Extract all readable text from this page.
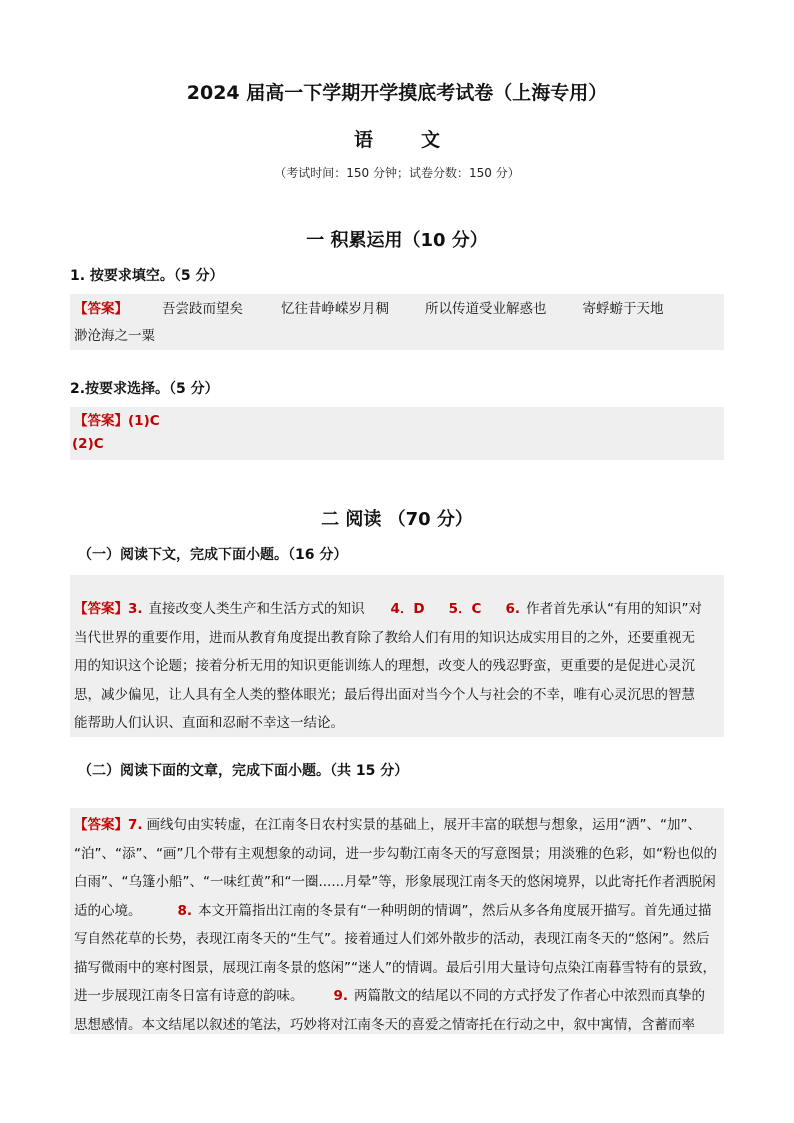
2024 届高一下学期开学摸底考试卷（上海专用）
语	文
（考试时间：150 分钟；试卷分数：150 分）
一 积累运用（10 分）
1. 按要求填空。（5 分）
【答案】	吾尝跂而望矣	忆往昔峥嵘岁月稠	所以传道受业解惑也	寄蜉蝣于天地
渺沧海之一粟
2.按要求选择。（5 分）
【答案】(1)C
(2)C
二 阅读 （70 分）
（一）阅读下文，完成下面小题。（16 分）
【答案】3. 直接改变人类生产和生活方式的知识 4．D 5．C 6. 作者首先承认“有用的知识”对
当代世界的重要作用，进而从教育角度提出教育除了教给人们有用的知识达成实用目的之外，还要重视无
用的知识这个论题；接着分析无用的知识更能训练人的理想，改变人的残忍野蛮，更重要的是促进心灵沉
思，减少偏见，让人具有全人类的整体眼光；最后得出面对当今个人与社会的不幸，唯有心灵沉思的智慧
能帮助人们认识、直面和忍耐不幸这一结论。
（二）阅读下面的文章，完成下面小题。（共 15 分）
【答案】7. 画线句由实转虚，在江南冬日农村实景的基础上，展开丰富的联想与想象，运用“洒”、“加”、
“泊”、“添”、“画”几个带有主观想象的动词，进一步勾勒江南冬天的写意图景；用淡雅的色彩，如“粉也似的
白雨”、“乌篷小船”、“一味红黄”和“一圈......月晕”等，形象展现江南冬天的悠闲境界，以此寄托作者洒脱闲
适的心境。	8. 本文开篇指出江南的冬景有“一种明朗的情调”，然后从多各角度展开描写。首先通过描
写自然花草的长势，表现江南冬天的“生气”。接着通过人们郊外散步的活动，表现江南冬天的“悠闲”。然后
描写微雨中的寒村图景，展现江南冬景的悠闲”“迷人”的情调。最后引用大量诗句点染江南暮雪特有的景致，
进一步展现江南冬日富有诗意的韵味。 9. 两篇散文的结尾以不同的方式抒发了作者心中浓烈而真挚的
思想感情。本文结尾以叙述的笔法，巧妙将对江南冬天的喜爱之情寄托在行动之中，叙中寓情，含蓄而率
